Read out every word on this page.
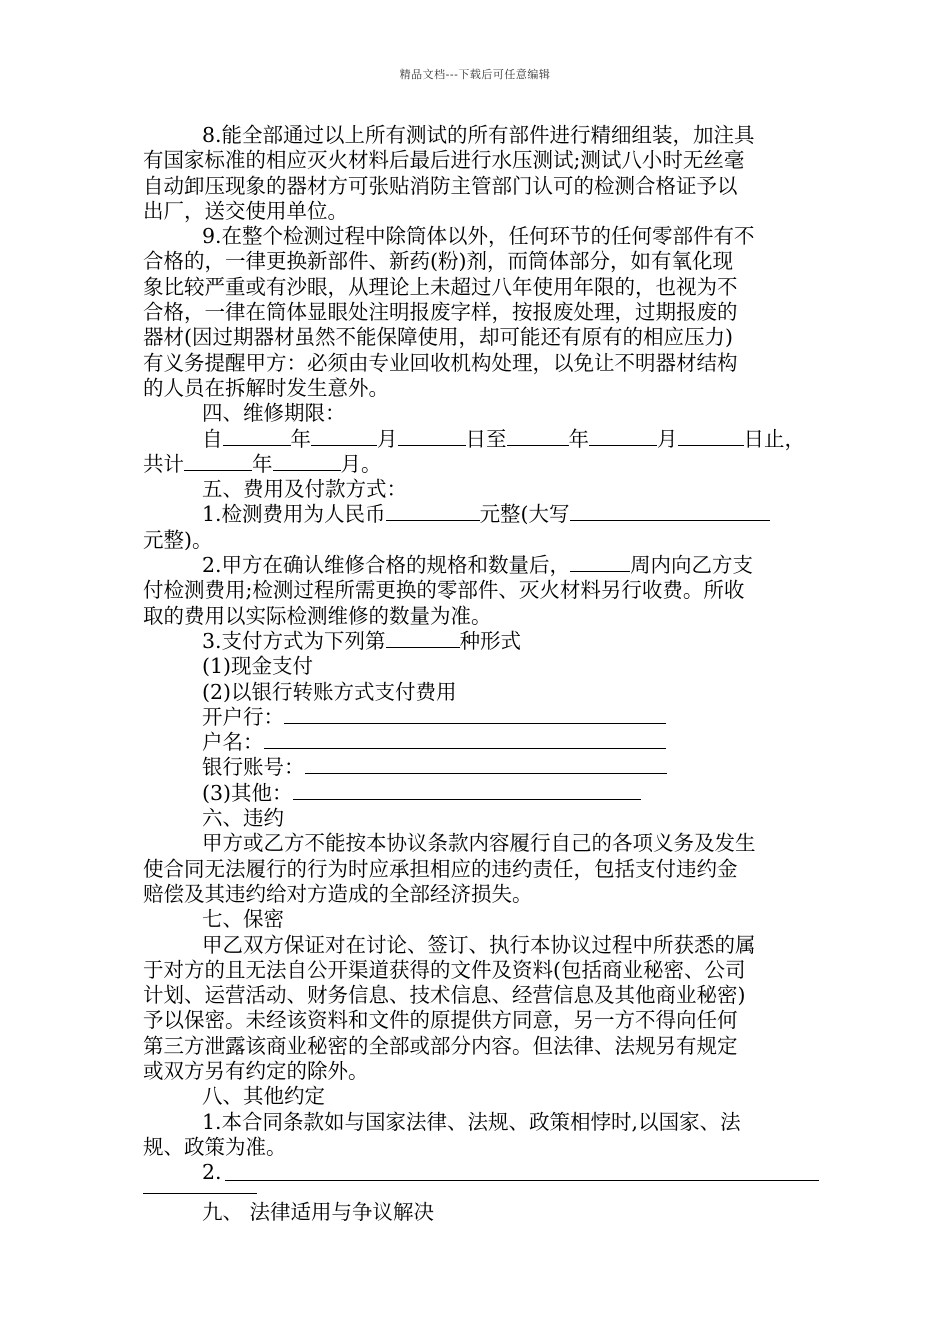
精品文档---下载后可任意编辑
8.能全部通过以上所有测试的所有部件进行精细组装，加注具
有国家标准的相应灭火材料后最后进行水压测试;测试八小时无丝毫
自动卸压现象的器材方可张贴消防主管部门认可的检测合格证予以
出厂，送交使用单位。
9.在整个检测过程中除筒体以外，任何环节的任何零部件有不
合格的，一律更换新部件、新药(粉)剂，而筒体部分，如有氧化现
象比较严重或有沙眼，从理论上未超过八年使用年限的，也视为不
合格，一律在筒体显眼处注明报废字样，按报废处理，过期报废的
器材(因过期器材虽然不能保障使用，却可能还有原有的相应压力)
有义务提醒甲方：必须由专业回收机构处理，以免让不明器材结构
的人员在拆解时发生意外。
四、维修期限：
自	年	月	日至	年	月	日止，
共计	年	月。
五、费用及付款方式：
1.检测费用为人民币	元整(大写
元整)。
2.甲方在确认维修合格的规格和数量后，	周内向乙方支
付检测费用;检测过程所需更换的零部件、灭火材料另行收费。所收
取的费用以实际检测维修的数量为准。
3.支付方式为下列第	种形式
(1)现金支付
(2)以银行转账方式支付费用
开户行：
户名：
银行账号：
(3)其他：
六、违约
甲方或乙方不能按本协议条款内容履行自己的各项义务及发生
使合同无法履行的行为时应承担相应的违约责任，包括支付违约金
赔偿及其违约给对方造成的全部经济损失。
七、保密
甲乙双方保证对在讨论、签订、执行本协议过程中所获悉的属
于对方的且无法自公开渠道获得的文件及资料(包括商业秘密、公司
计划、运营活动、财务信息、技术信息、经营信息及其他商业秘密)
予以保密。未经该资料和文件的原提供方同意，另一方不得向任何
第三方泄露该商业秘密的全部或部分内容。但法律、法规另有规定
或双方另有约定的除外。
八、其他约定
1.本合同条款如与国家法律、法规、政策相悖时,以国家、法
规、政策为准。
2.
九、 法律适用与争议解决
